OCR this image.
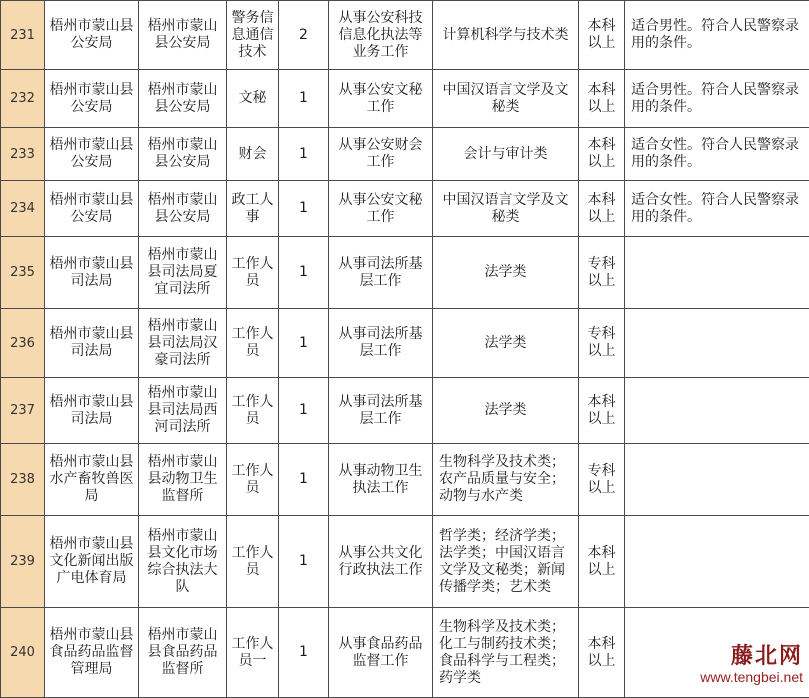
231	梧州市蒙山县公安局	梧州市蒙山县公安局	警务信息通信技术	2	从事公安科技信息化执法等业务工作	计算机科学与技术类	本科以上	适合男性。符合人民警察录用的条件。
232	梧州市蒙山县公安局	梧州市蒙山县公安局	文秘	1	从事公安文秘工作	中国汉语言文学及文秘类	本科以上	适合男性。符合人民警察录用的条件。
233	梧州市蒙山县公安局	梧州市蒙山县公安局	财会	1	从事公安财会工作	会计与审计类	本科以上	适合女性。符合人民警察录用的条件。
234	梧州市蒙山县公安局	梧州市蒙山县公安局	政工人事	1	从事公安文秘工作	中国汉语言文学及文秘类	本科以上	适合女性。符合人民警察录用的条件。
235	梧州市蒙山县司法局	梧州市蒙山县司法局夏宜司法所	工作人员	1	从事司法所基层工作	法学类	专科以上	
236	梧州市蒙山县司法局	梧州市蒙山县司法局汉豪司法所	工作人员	1	从事司法所基层工作	法学类	专科以上	
237	梧州市蒙山县司法局	梧州市蒙山县司法局西河司法所	工作人员	1	从事司法所基层工作	法学类	本科以上	
238	梧州市蒙山县水产畜牧兽医局	梧州市蒙山县动物卫生监督所	工作人员	1	从事动物卫生执法工作	生物科学及技术类；农产品质量与安全；动物与水产类	专科以上	
239	梧州市蒙山县文化新闻出版广电体育局	梧州市蒙山县文化市场综合执法大队	工作人员	1	从事公共文化行政执法工作	哲学类；经济学类；法学类；中国汉语言文学及文秘类；新闻传播学类；艺术类	本科以上	
240	梧州市蒙山县食品药品监督管理局	梧州市蒙山县食品药品监督所	工作人员一	1	从事食品药品监督工作	生物科学及技术类；化工与制药技术类；食品科学与工程类；药学类	本科以上		藤北网
www.tengbei.net
